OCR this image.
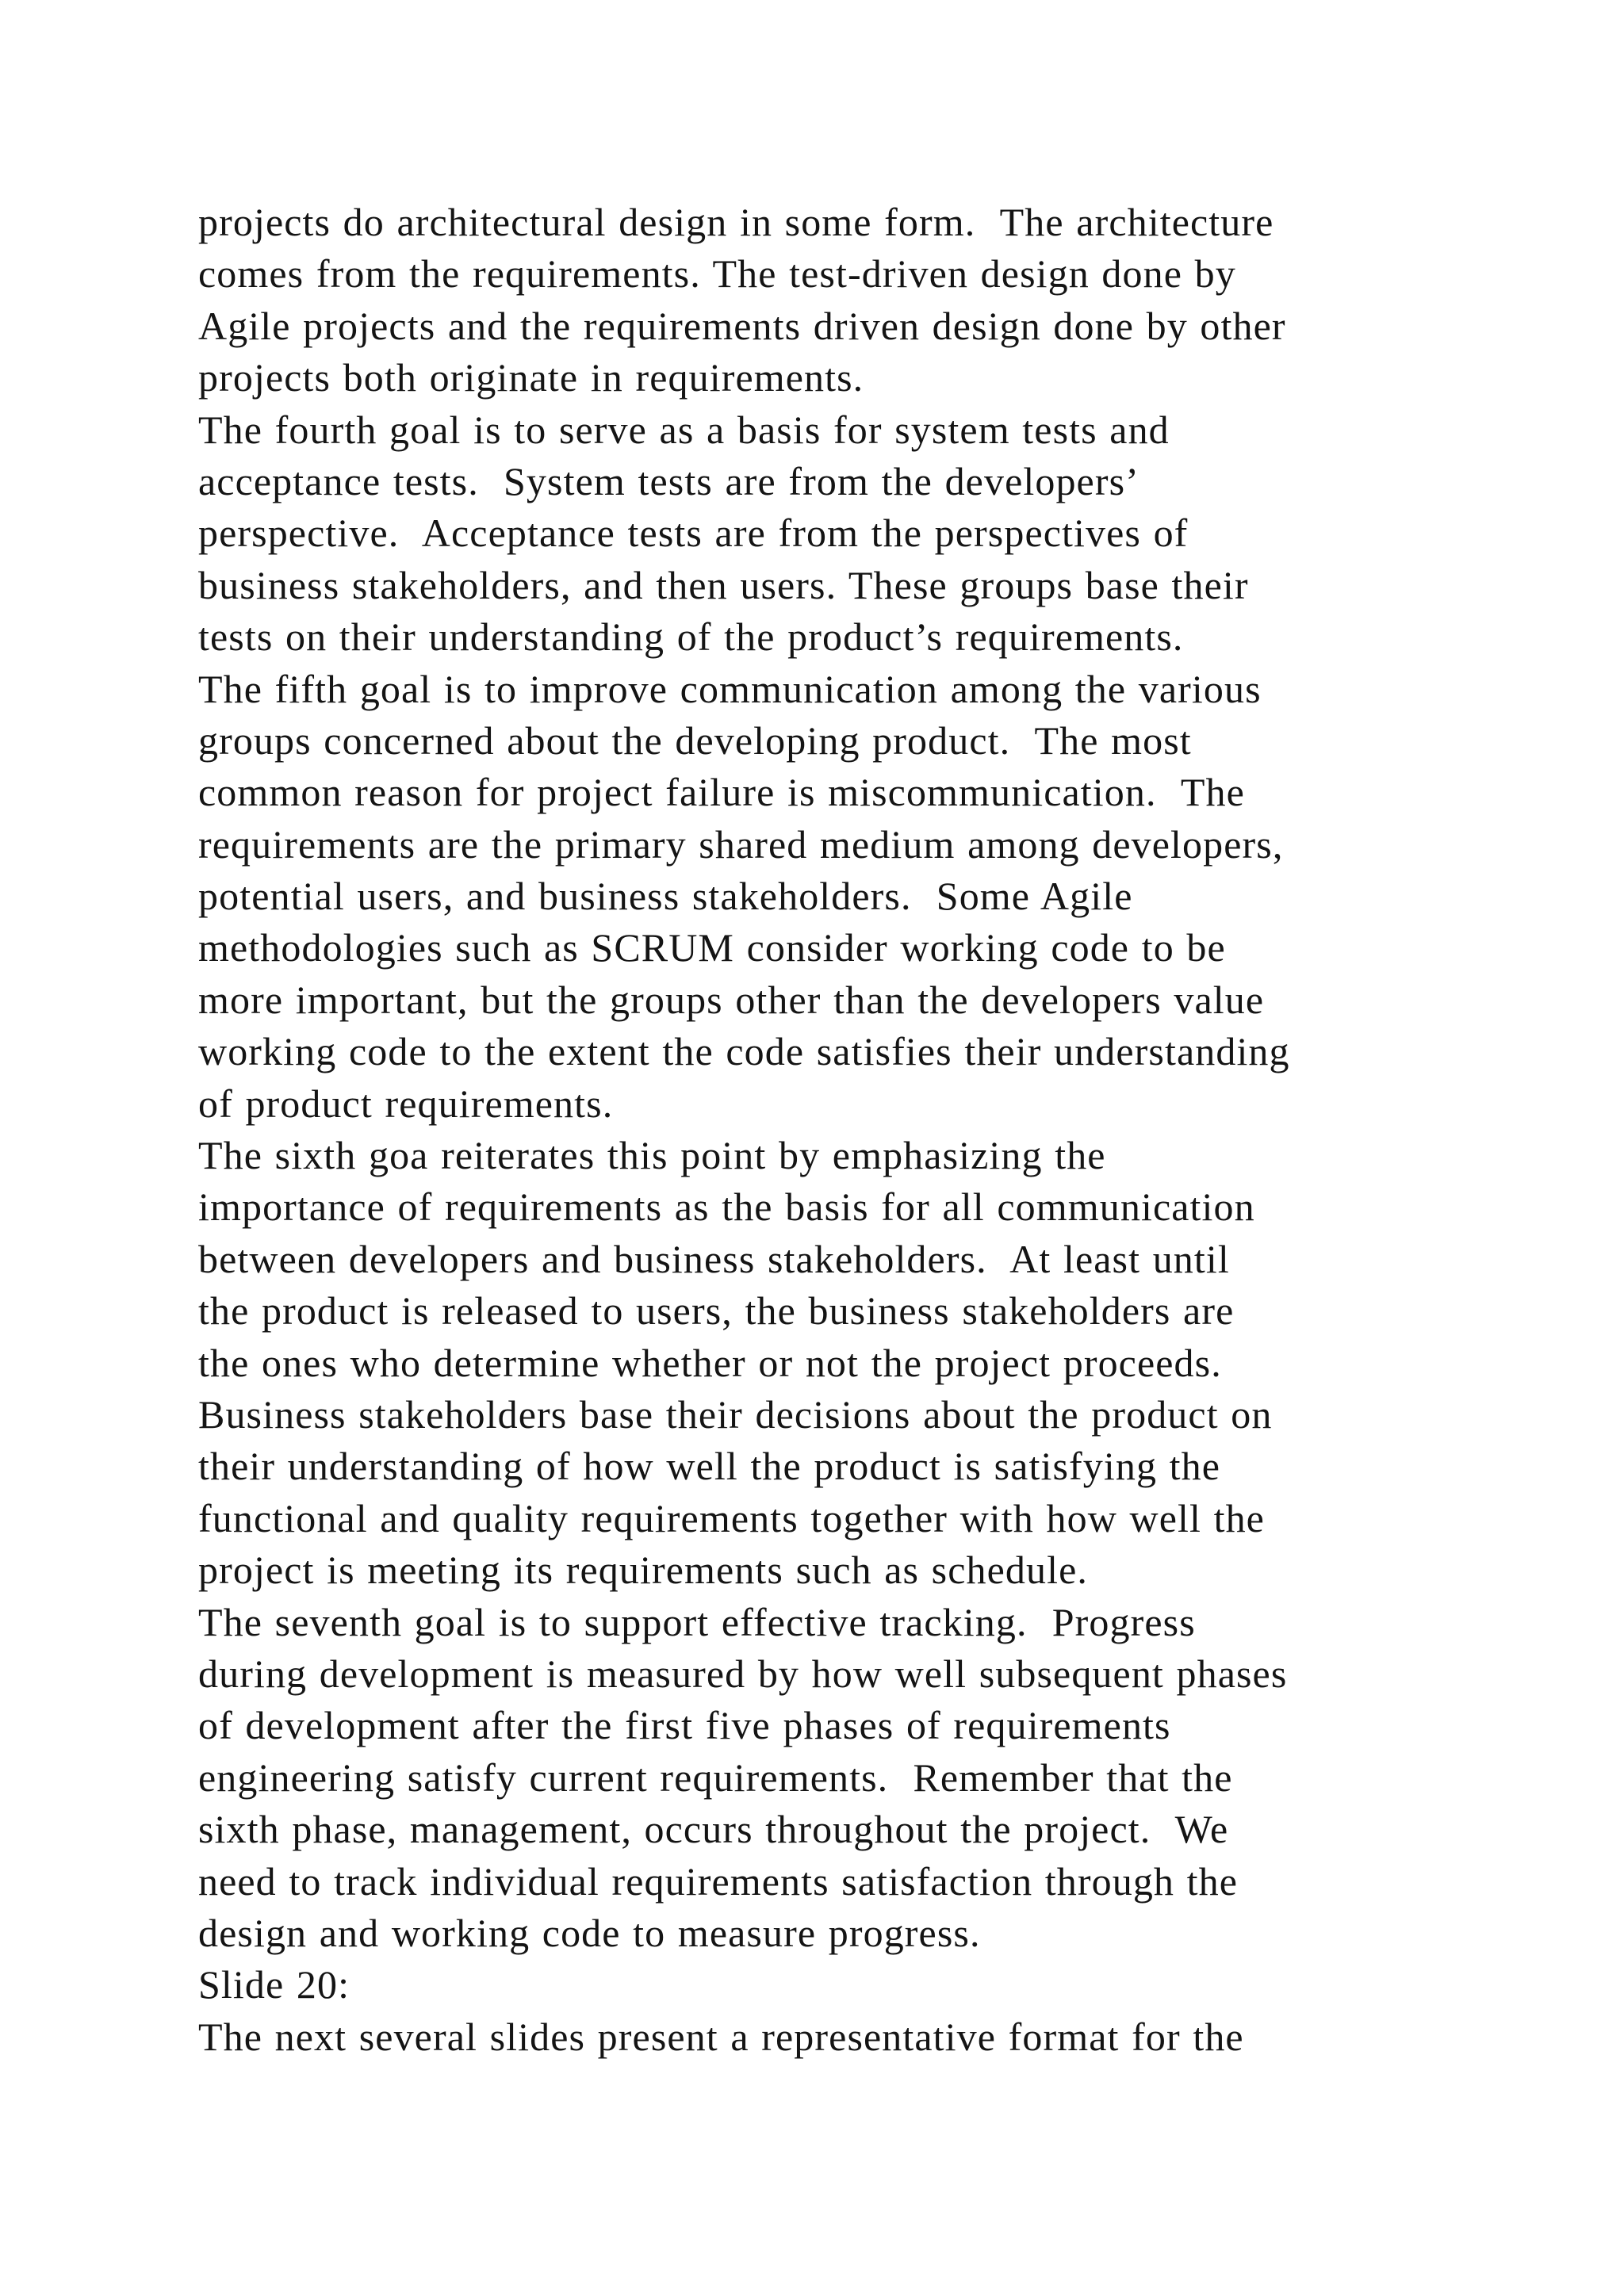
projects do architectural design in some form.  The architecture
comes from the requirements. The test-driven design done by
Agile projects and the requirements driven design done by other
projects both originate in requirements.
The fourth goal is to serve as a basis for system tests and
acceptance tests.  System tests are from the developers’
perspective.  Acceptance tests are from the perspectives of
business stakeholders, and then users. These groups base their
tests on their understanding of the product’s requirements.
The fifth goal is to improve communication among the various
groups concerned about the developing product.  The most
common reason for project failure is miscommunication.  The
requirements are the primary shared medium among developers,
potential users, and business stakeholders.  Some Agile
methodologies such as SCRUM consider working code to be
more important, but the groups other than the developers value
working code to the extent the code satisfies their understanding
of product requirements.
The sixth goa reiterates this point by emphasizing the
importance of requirements as the basis for all communication
between developers and business stakeholders.  At least until
the product is released to users, the business stakeholders are
the ones who determine whether or not the project proceeds.
Business stakeholders base their decisions about the product on
their understanding of how well the product is satisfying the
functional and quality requirements together with how well the
project is meeting its requirements such as schedule.
The seventh goal is to support effective tracking.  Progress
during development is measured by how well subsequent phases
of development after the first five phases of requirements
engineering satisfy current requirements.  Remember that the
sixth phase, management, occurs throughout the project.  We
need to track individual requirements satisfaction through the
design and working code to measure progress.
Slide 20:
The next several slides present a representative format for the
